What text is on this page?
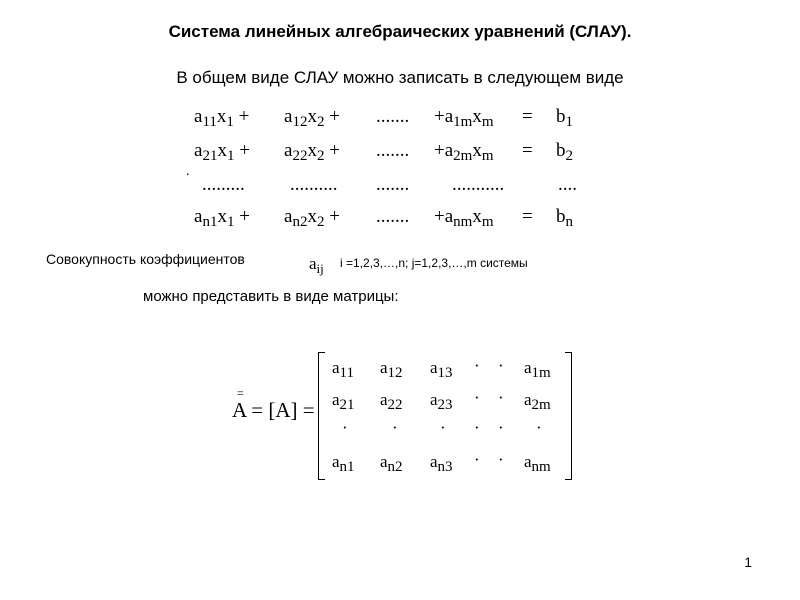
Система линейных алгебраических уравнений (СЛАУ).
В общем виде СЛАУ можно записать в следующем виде
$a_{11}x_1 + a_{12}x_2$ + ....... $+a_{1m}x_m = b_1$
$a_{21}x_1 + a_{22}x_2$ + ....... $+a_{2m}x_m = b_2$
.
......... .......... ....... ...........	....
$a_{n1}x_1 + a_{n2}x_2$ + ....... $+a_{nm}x_m = b_n$
Совокупность коэффициентов	$a_{ij}$ i =1,2,3,…,n; j=1,2,3,…,m системы
можно представить в виде матрицы:
=
A = [A] =
$a_{11}$ $a_{12}$ $a_{13}$ · · $a_{1m}$
$a_{21}$ $a_{22}$ $a_{23}$ · · $a_{2m}$
·	· · · · ·
$a_{n1}$ $a_{n2}$ $a_{n3}$ · · $a_{nm}$
1
